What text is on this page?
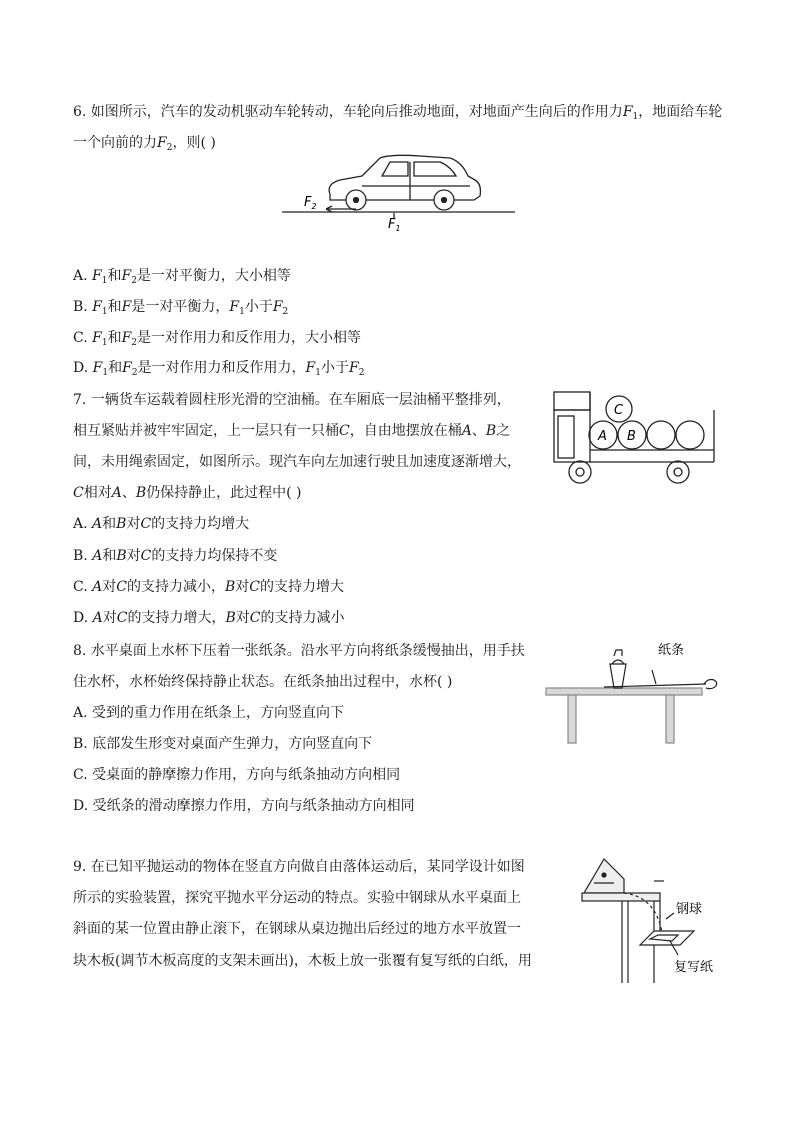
6. 如图所示，汽车的发动机驱动车轮转动，车轮向后推动地面，对地面产生向后的作用力$F_1$，地面给车轮
一个向前的力$F_2$，则( )
$F_2$
$F_1$
A. $F_1$和$F_2$是一对平衡力，大小相等
B. $F_1$和F是一对平衡力，$F_1$小于$F_2$
C. $F_1$和$F_2$是一对作用力和反作用力，大小相等
D. $F_1$和$F_2$是一对作用力和反作用力，$F_1$小于$F_2$
7. 一辆货车运载着圆柱形光滑的空油桶。在车厢底一层油桶平整排列，
相互紧贴并被牢牢固定，上一层只有一只桶C，自由地摆放在桶A、B之
间，未用绳索固定，如图所示。现汽车向左加速行驶且加速度逐渐增大，
C相对A、B仍保持静止，此过程中( )
A B
C
A. A和B对C的支持力均增大
B. A和B对C的支持力均保持不变
C. A对C的支持力减小，B对C的支持力增大
D. A对C的支持力增大，B对C的支持力减小
8. 水平桌面上水杯下压着一张纸条。沿水平方向将纸条缓慢抽出，用手扶
住水杯，水杯始终保持静止状态。在纸条抽出过程中，水杯( )
纸条
A. 受到的重力作用在纸条上，方向竖直向下
B. 底部发生形变对桌面产生弹力，方向竖直向下
C. 受桌面的静摩擦力作用，方向与纸条抽动方向相同
D. 受纸条的滑动摩擦力作用，方向与纸条抽动方向相同
9. 在已知平抛运动的物体在竖直方向做自由落体运动后，某同学设计如图
所示的实验装置，探究平抛水平分运动的特点。实验中钢球从水平桌面上
斜面的某一位置由静止滚下，在钢球从桌边抛出后经过的地方水平放置一
块木板(调节木板高度的支架未画出)，木板上放一张覆有复写纸的白纸，用
钢球
复写纸
